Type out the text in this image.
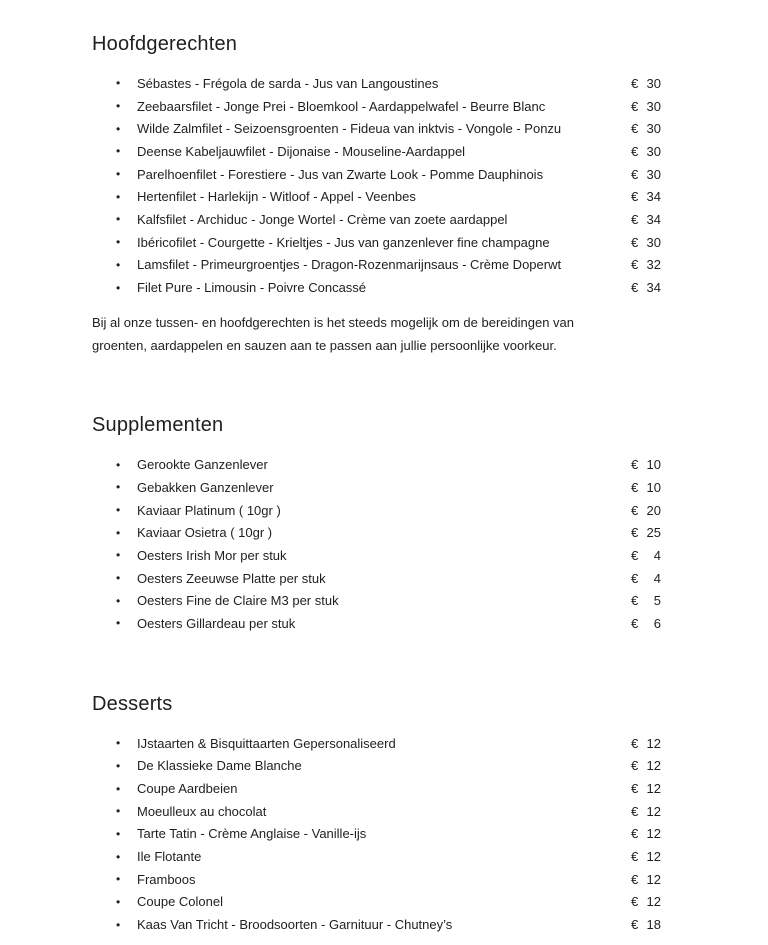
Hoofdgerechten
•	Sébastes - Frégola de sarda - Jus van Langoustines	€ 30
•	Zeebaarsfilet - Jonge Prei - Bloemkool - Aardappelwafel - Beurre Blanc	€ 30
•	Wilde Zalmfilet - Seizoensgroenten - Fideua van inktvis - Vongole - Ponzu	€ 30
•	Deense Kabeljauwfilet - Dijonaise - Mouseline-Aardappel	€ 30
•	Parelhoenfilet - Forestiere - Jus van Zwarte Look - Pomme Dauphinois	€ 30
•	Hertenfilet - Harlekijn - Witloof - Appel - Veenbes	€ 34
•	Kalfsfilet - Archiduc - Jonge Wortel - Crème van zoete aardappel	€ 34
•	Ibéricofilet - Courgette - Krieltjes - Jus van ganzenlever fine champagne	€ 30
•	Lamsfilet - Primeurgroentjes - Dragon-Rozenmarijnsaus - Crème Doperwt	€ 32
•	Filet Pure - Limousin - Poivre Concassé	€ 34
Bij al onze tussen- en hoofdgerechten is het steeds mogelijk om de bereidingen van
groenten, aardappelen en sauzen aan te passen aan jullie persoonlijke voorkeur.
Supplementen
•	Gerookte Ganzenlever	€ 10
•	Gebakken Ganzenlever	€ 10
•	Kaviaar Platinum ( 10gr )	€ 20
•	Kaviaar Osietra ( 10gr )	€ 25
•	Oesters Irish Mor per stuk	€ 4
•	Oesters Zeeuwse Platte per stuk	€ 4
•	Oesters Fine de Claire M3 per stuk	€ 5
•	Oesters Gillardeau per stuk	€ 6
Desserts
•	IJstaarten & Bisquittaarten Gepersonaliseerd	€ 12
•	De Klassieke Dame Blanche	€ 12
•	Coupe Aardbeien	€ 12
•	Moeulleux au chocolat	€ 12
•	Tarte Tatin - Crème Anglaise - Vanille-ijs	€ 12
•	Ile Flotante	€ 12
•	Framboos	€ 12
•	Coupe Colonel	€ 12
•	Kaas Van Tricht - Broodsoorten - Garnituur - Chutney’s	€ 18
